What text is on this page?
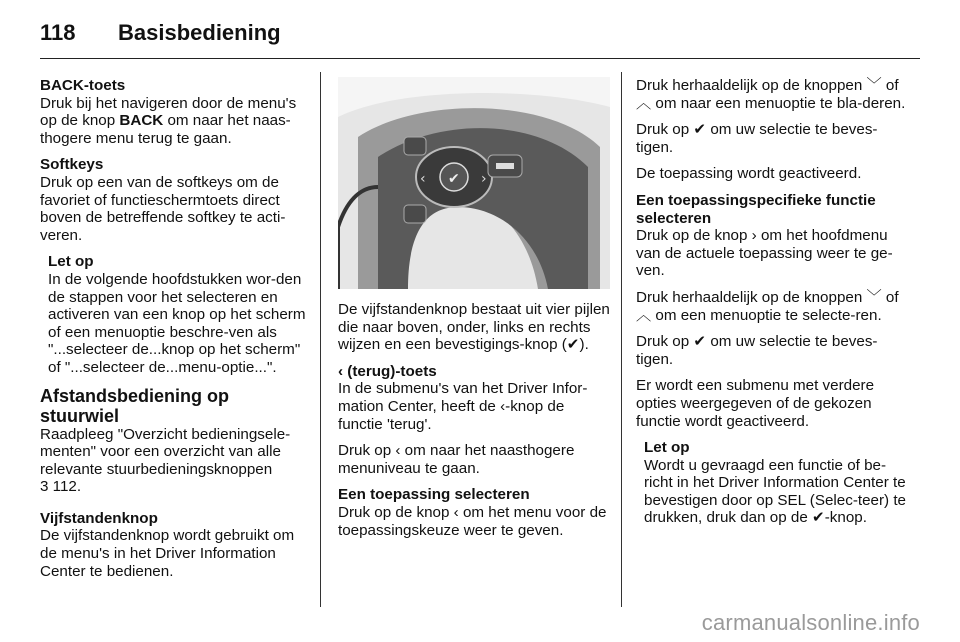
118 Basisbediening

BACK-toets
Druk bij het navigeren door de menu's op de knop BACK om naar het naas-thogere menu terug te gaan.

Softkeys
Druk op een van de softkeys om de favoriet of functieschermtoets direct boven de betreffende softkey te acti-veren.

Let op
In de volgende hoofdstukken wor-den de stappen voor het selecteren en activeren van een knop op het scherm of een menuoptie beschre-ven als "...selecteer de...knop op het scherm" of "...selecteer de...menu-optie...".

Afstandsbediening op stuurwiel

Raadpleeg "Overzicht bedieningsele-menten" voor een overzicht van alle relevante stuurbedieningsknoppen
3 112.

Vijfstandenknop
De vijfstandenknop wordt gebruikt om de menu's in het Driver Information Center te bedienen.

✔
‹	›

De vijfstandenknop bestaat uit vier pijlen die naar boven, onder, links en rechts wijzen en een bevestigings-knop (✔).

‹ (terug)-toets
In de submenu's van het Driver Infor-mation Center, heeft de ‹-knop de functie 'terug'.

Druk op ‹ om naar het naasthogere menuniveau te gaan.

Een toepassing selecteren
Druk op de knop ‹ om het menu voor de toepassingskeuze weer te geven.

Druk herhaaldelijk op de knoppen ﹀ of ︿ om naar een menuoptie te bla-deren.

Druk op ✔ om uw selectie te beves-tigen.

De toepassing wordt geactiveerd.

Een toepassingspecifieke functie selecteren
Druk op de knop › om het hoofdmenu van de actuele toepassing weer te ge-ven.

Druk herhaaldelijk op de knoppen ﹀ of ︿ om een menuoptie te selecte-ren.

Druk op ✔ om uw selectie te beves-tigen.

Er wordt een submenu met verdere opties weergegeven of de gekozen functie wordt geactiveerd.

Let op
Wordt u gevraagd een functie of be-richt in het Driver Information Center te bevestigen door op SEL (Selec-teer) te drukken, druk dan op de ✔-knop.

carmanualsonline.info
